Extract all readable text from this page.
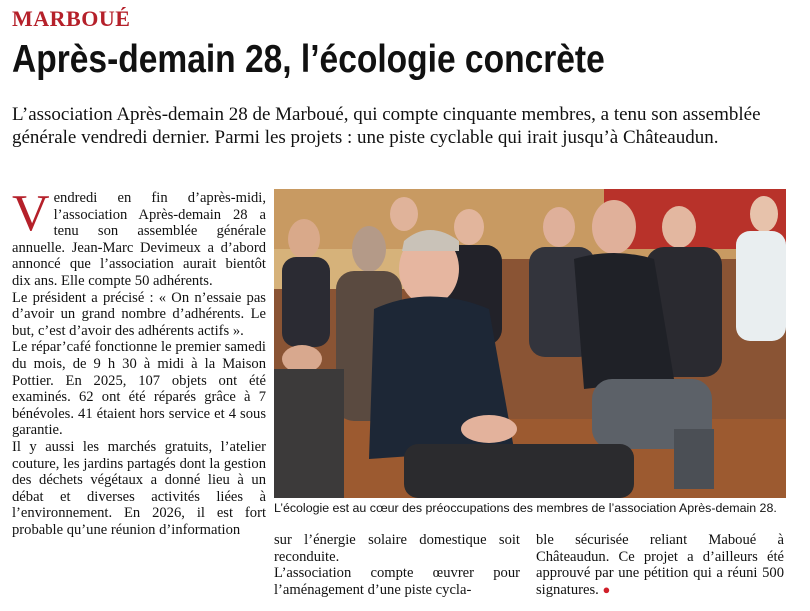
MARBOUÉ
Après-demain 28, l’écologie concrète
L’association Après-demain 28 de Marboué, qui compte cinquante membres, a tenu son assemblée générale vendredi dernier. Parmi les projets : une piste cyclable qui irait jusqu’à Châteaudun.

Vendredi en fin d’après-midi, l’association Après-demain 28 a tenu son assemblée générale annuelle. Jean-Marc Devimeux a d’abord annoncé que l’association aurait bientôt dix ans. Elle compte 50 adhérents.

Le président a précisé : « On n’essaie pas d’avoir un grand nombre d’adhérents. Le but, c’est d’avoir des adhérents actifs ».

Le répar’café fonctionne le premier samedi du mois, de 9 h 30 à midi à la Maison Pottier. En 2025, 107 objets ont été examinés. 62 ont été réparés grâce à 7 bénévoles. 41 étaient hors service et 4 sous garantie.

Il y aussi les marchés gratuits, l’atelier couture, les jardins partagés dont la gestion des déchets végétaux a donné lieu à un débat et diverses activités liées à l’environnement. En 2026, il est fort probable qu’une réunion d’information

L’écologie est au cœur des préoccupations des membres de l’association Après-demain 28.

sur l’énergie solaire domestique soit reconduite.

L’association compte œuvrer pour l’aménagement d’une piste cycla-

ble sécurisée reliant Maboué à Châteaudun. Ce projet a d’ailleurs été approuvé par une pétition qui a réuni 500 signatures. ●
